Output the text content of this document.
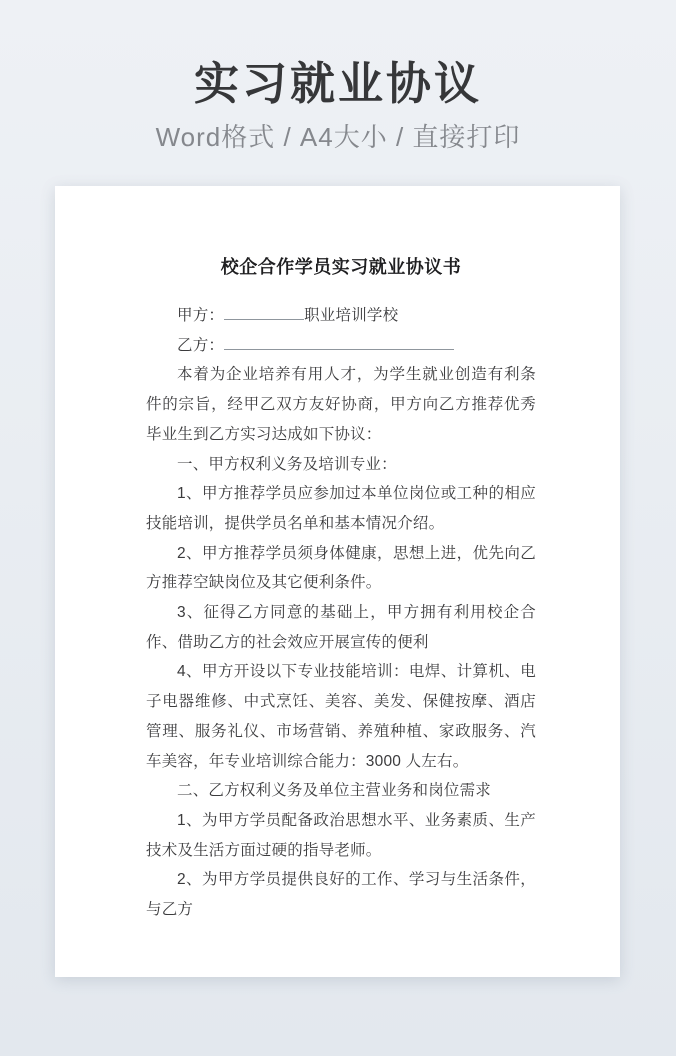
实习就业协议
Word格式 / A4大小 / 直接打印
校企合作学员实习就业协议书

甲方：	职业培训学校

乙方：

本着为企业培养有用人才，为学生就业创造有利条件的宗旨，经甲乙双方友好协商，甲方向乙方推荐优秀毕业生到乙方实习达成如下协议：

一、甲方权利义务及培训专业：

1、甲方推荐学员应参加过本单位岗位或工种的相应技能培训，提供学员名单和基本情况介绍。

2、甲方推荐学员须身体健康，思想上进，优先向乙方推荐空缺岗位及其它便利条件。

3、征得乙方同意的基础上，甲方拥有利用校企合作、借助乙方的社会效应开展宣传的便利

4、甲方开设以下专业技能培训：电焊、计算机、电子电器维修、中式烹饪、美容、美发、保健按摩、酒店管理、服务礼仪、市场营销、养殖种植、家政服务、汽车美容，年专业培训综合能力：3000 人左右。

二、乙方权利义务及单位主营业务和岗位需求

1、为甲方学员配备政治思想水平、业务素质、生产技术及生活方面过硬的指导老师。

2、为甲方学员提供良好的工作、学习与生活条件，与乙方
